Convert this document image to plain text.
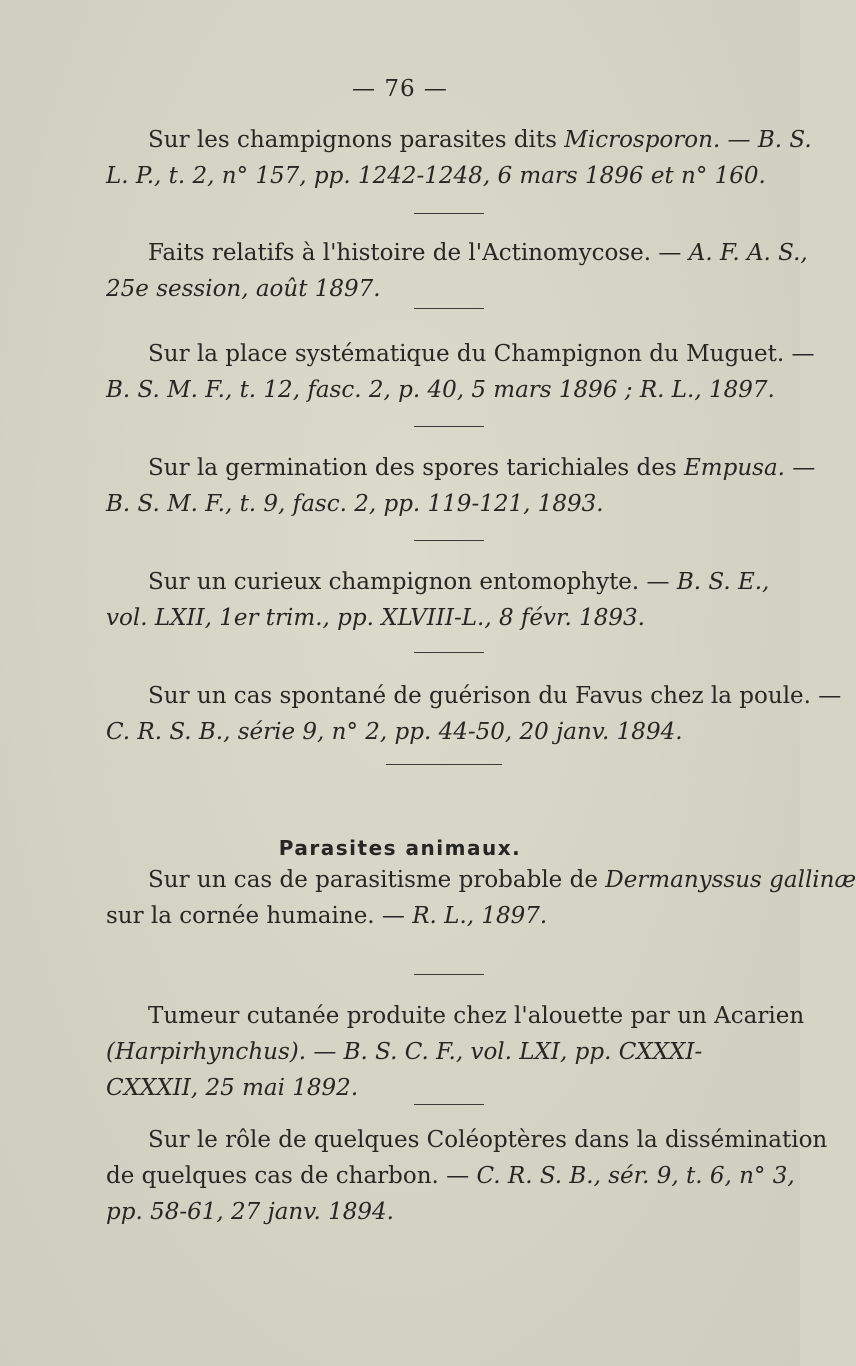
— 76 —

Sur les champignons parasites dits Microsporon. — B. S.

L. P., t. 2, n° 157, pp. 1242-1248, 6 mars 1896 et n° 160.

Faits relatifs à l'histoire de l'Actinomycose. — A. F. A. S.,

25e session, août 1897.

Sur la place systématique du Champignon du Muguet. —

B. S. M. F., t. 12, fasc. 2, p. 40, 5 mars 1896 ; R. L., 1897.

Sur la germination des spores tarichiales des Empusa. —

B. S. M. F., t. 9, fasc. 2, pp. 119-121, 1893.

Sur un curieux champignon entomophyte. — B. S. E.,

vol. LXII, 1er trim., pp. XLVIII-L., 8 févr. 1893.

Sur un cas spontané de guérison du Favus chez la poule. —

C. R. S. B., série 9, n° 2, pp. 44-50, 20 janv. 1894.

Parasites animaux.

Sur un cas de parasitisme probable de Dermanyssus gallinæ

sur la cornée humaine. — R. L., 1897.

Tumeur cutanée produite chez l'alouette par un Acarien

(Harpirhynchus). — B. S. C. F., vol. LXI, pp. CXXXI-

CXXXII, 25 mai 1892.

Sur le rôle de quelques Coléoptères dans la dissémination

de quelques cas de charbon. — C. R. S. B., sér. 9, t. 6, n° 3,

pp. 58-61, 27 janv. 1894.
